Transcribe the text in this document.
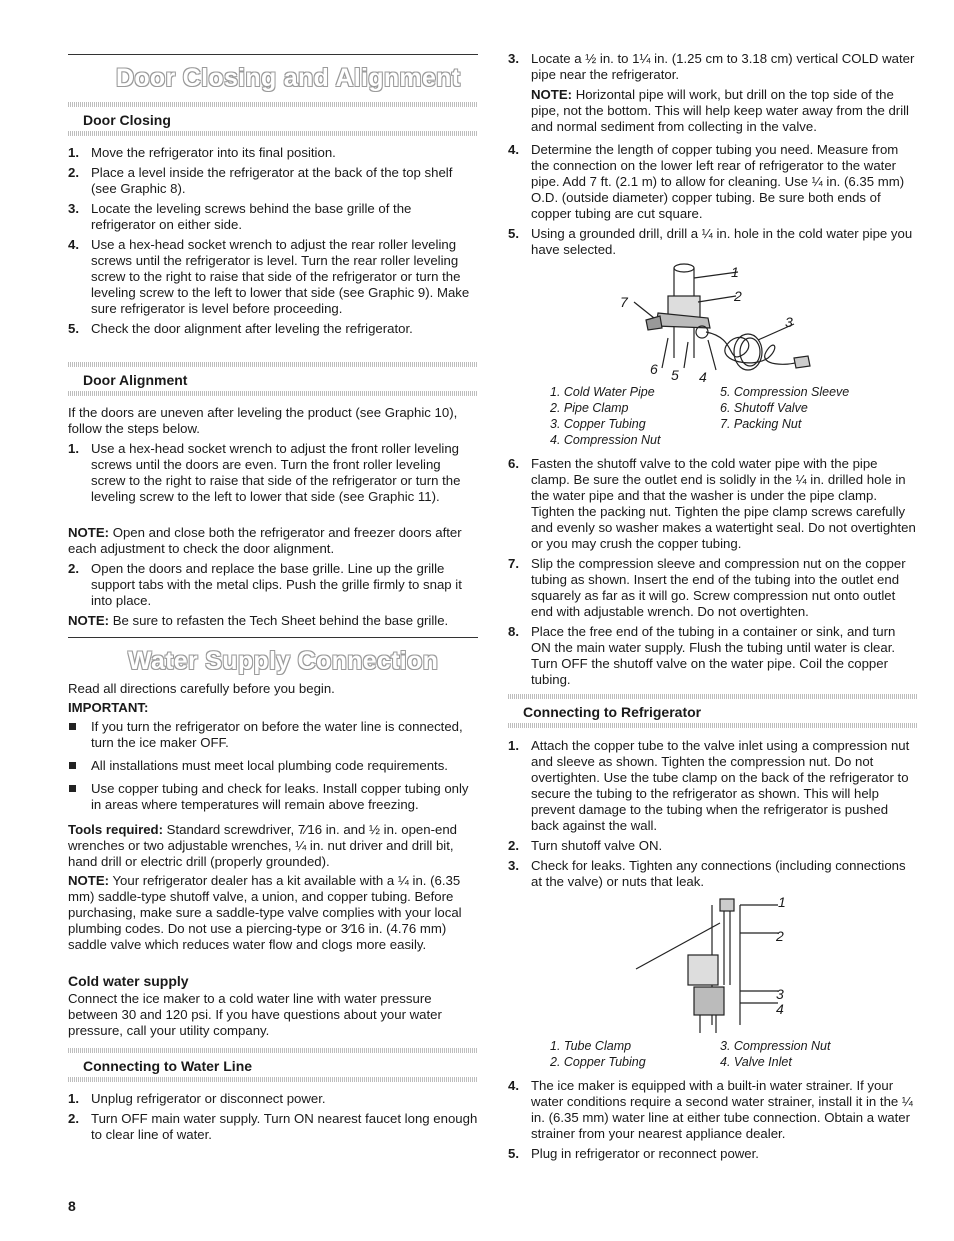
Door Closing and Alignment
Door Closing
1. Move the refrigerator into its final position.
2. Place a level inside the refrigerator at the back of the top shelf (see Graphic 8).
3. Locate the leveling screws behind the base grille of the refrigerator on either side.
4. Use a hex-head socket wrench to adjust the rear roller leveling screws until the refrigerator is level. Turn the rear roller leveling screw to the right to raise that side of the refrigerator or turn the leveling screw to the left to lower that side (see Graphic 9). Make sure refrigerator is level before proceeding.
5. Check the door alignment after leveling the refrigerator.
Door Alignment

If the doors are uneven after leveling the product (see Graphic 10), follow the steps below.

1. Use a hex-head socket wrench to adjust the front roller leveling screws until the doors are even. Turn the front roller leveling screw to the right to raise that side of the refrigerator or turn the leveling screw to the left to lower that side (see Graphic 11).

NOTE: Open and close both the refrigerator and freezer doors after each adjustment to check the door alignment.

2. Open the doors and replace the base grille. Line up the grille support tabs with the metal clips. Push the grille firmly to snap it into place.

NOTE: Be sure to refasten the Tech Sheet behind the base grille.

Water Supply Connection

Read all directions carefully before you begin.

IMPORTANT:

If you turn the refrigerator on before the water line is connected, turn the ice maker OFF.
All installations must meet local plumbing code requirements.
Use copper tubing and check for leaks. Install copper tubing only in areas where temperatures will remain above freezing.

Tools required: Standard screwdriver, 7⁄16 in. and ½ in. open-end wrenches or two adjustable wrenches, ¼ in. nut driver and drill bit, hand drill or electric drill (properly grounded).

NOTE: Your refrigerator dealer has a kit available with a ¼ in. (6.35 mm) saddle-type shutoff valve, a union, and copper tubing. Before purchasing, make sure a saddle-type valve complies with your local plumbing codes. Do not use a piercing-type or 3⁄16 in. (4.76 mm) saddle valve which reduces water flow and clogs more easily.

Cold water supply

Connect the ice maker to a cold water line with water pressure between 30 and 120 psi. If you have questions about your water pressure, call your utility company.

Connecting to Water Line
1. Unplug refrigerator or disconnect power.
2. Turn OFF main water supply. Turn ON nearest faucet long enough to clear line of water.
8
3. Locate a ½ in. to 1¼ in. (1.25 cm to 3.18 cm) vertical COLD water pipe near the refrigerator.

NOTE: Horizontal pipe will work, but drill on the top side of the pipe, not the bottom. This will help keep water away from the drill and normal sediment from collecting in the valve.

4. Determine the length of copper tubing you need. Measure from the connection on the lower left rear of refrigerator to the water pipe. Add 7 ft. (2.1 m) to allow for cleaning. Use ¼ in. (6.35 mm) O.D. (outside diameter) copper tubing. Be sure both ends of copper tubing are cut square.
5. Using a grounded drill, drill a ¼ in. hole in the cold water pipe you have selected.
1
2
3
4
5
6
7
1. Cold Water Pipe
2. Pipe Clamp
3. Copper Tubing
4. Compression Nut
5. Compression Sleeve
6. Shutoff Valve
7. Packing Nut
6. Fasten the shutoff valve to the cold water pipe with the pipe clamp. Be sure the outlet end is solidly in the ¼ in. drilled hole in the water pipe and that the washer is under the pipe clamp. Tighten the packing nut. Tighten the pipe clamp screws carefully and evenly so washer makes a watertight seal. Do not overtighten or you may crush the copper tubing.
7. Slip the compression sleeve and compression nut on the copper tubing as shown. Insert the end of the tubing into the outlet end squarely as far as it will go. Screw compression nut onto outlet end with adjustable wrench. Do not overtighten.
8. Place the free end of the tubing in a container or sink, and turn ON the main water supply. Flush the tubing until water is clear. Turn OFF the shutoff valve on the water pipe. Coil the copper tubing.
Connecting to Refrigerator
1. Attach the copper tube to the valve inlet using a compression nut and sleeve as shown. Tighten the compression nut. Do not overtighten. Use the tube clamp on the back of the refrigerator to secure the tubing to the refrigerator as shown. This will help prevent damage to the tubing when the refrigerator is pushed back against the wall.
2. Turn shutoff valve ON.
3. Check for leaks. Tighten any connections (including connections at the valve) or nuts that leak.
1
2
3
4
1. Tube Clamp
2. Copper Tubing
3. Compression Nut
4. Valve Inlet
4. The ice maker is equipped with a built-in water strainer. If your water conditions require a second water strainer, install it in the ¼ in. (6.35 mm) water line at either tube connection. Obtain a water strainer from your nearest appliance dealer.
5. Plug in refrigerator or reconnect power.
